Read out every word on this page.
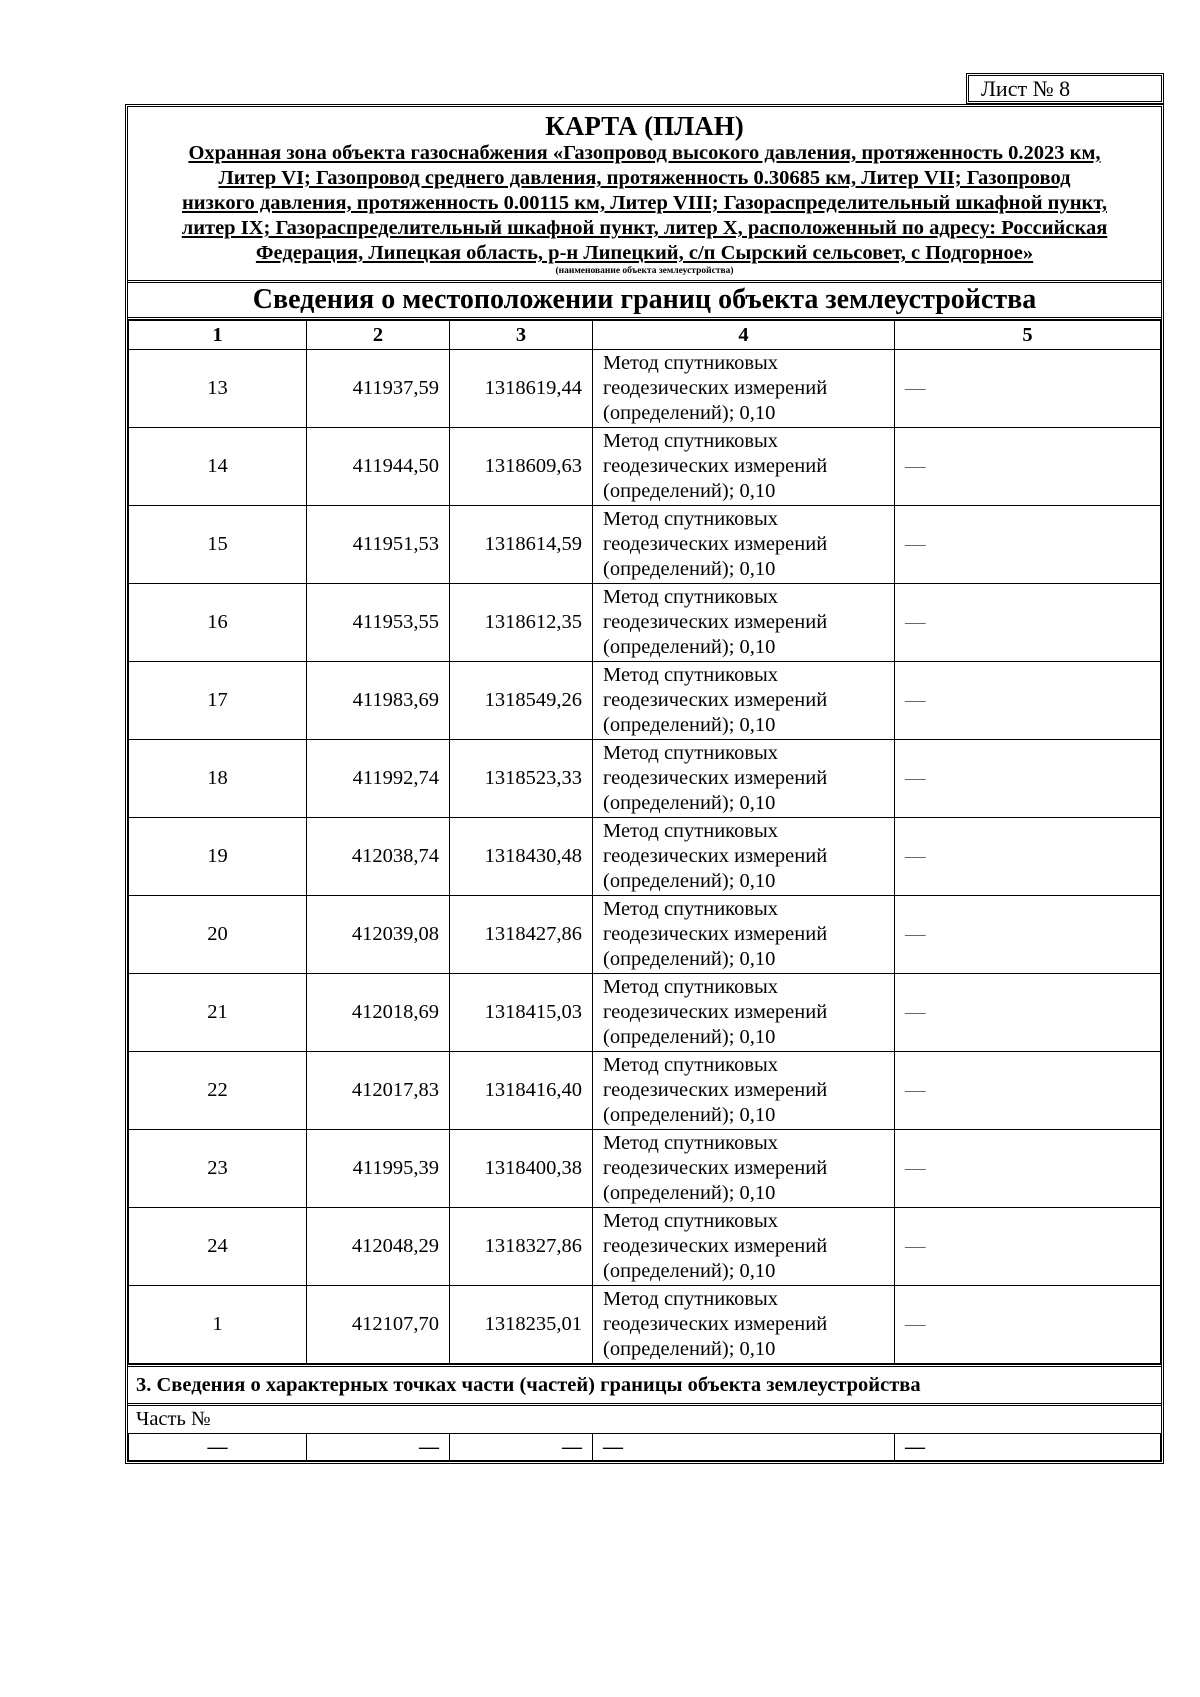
Лист № 8
КАРТА (ПЛАН)
Охранная зона объекта газоснабжения «Газопровод высокого давления, протяженность 0.2023 км,
Литер VI; Газопровод среднего давления, протяженность 0.30685 км, Литер VII; Газопровод
низкого давления, протяженность 0.00115 км, Литер VIII; Газораспределительный шкафной пункт,
литер IX; Газораспределительный шкафной пункт, литер X, расположенный по адресу: Российская
Федерация, Липецкая область, р-н Липецкий, с/п Сырский сельсовет, с Подгорное»
(наименование объекта землеустройства)
Сведения о местоположении границ объекта землеустройства
1	2	3	4	5
13	411937,59	1318619,44	Метод спутниковых
геодезических измерений
(определений); 0,10	—
14	411944,50	1318609,63	Метод спутниковых
геодезических измерений
(определений); 0,10	—
15	411951,53	1318614,59	Метод спутниковых
геодезических измерений
(определений); 0,10	—
16	411953,55	1318612,35	Метод спутниковых
геодезических измерений
(определений); 0,10	—
17	411983,69	1318549,26	Метод спутниковых
геодезических измерений
(определений); 0,10	—
18	411992,74	1318523,33	Метод спутниковых
геодезических измерений
(определений); 0,10	—
19	412038,74	1318430,48	Метод спутниковых
геодезических измерений
(определений); 0,10	—
20	412039,08	1318427,86	Метод спутниковых
геодезических измерений
(определений); 0,10	—
21	412018,69	1318415,03	Метод спутниковых
геодезических измерений
(определений); 0,10	—
22	412017,83	1318416,40	Метод спутниковых
геодезических измерений
(определений); 0,10	—
23	411995,39	1318400,38	Метод спутниковых
геодезических измерений
(определений); 0,10	—
24	412048,29	1318327,86	Метод спутниковых
геодезических измерений
(определений); 0,10	—
1	412107,70	1318235,01	Метод спутниковых
геодезических измерений
(определений); 0,10	—
3. Сведения о характерных точках части (частей) границы объекта землеустройства
Часть №
—	—	—	—	—
